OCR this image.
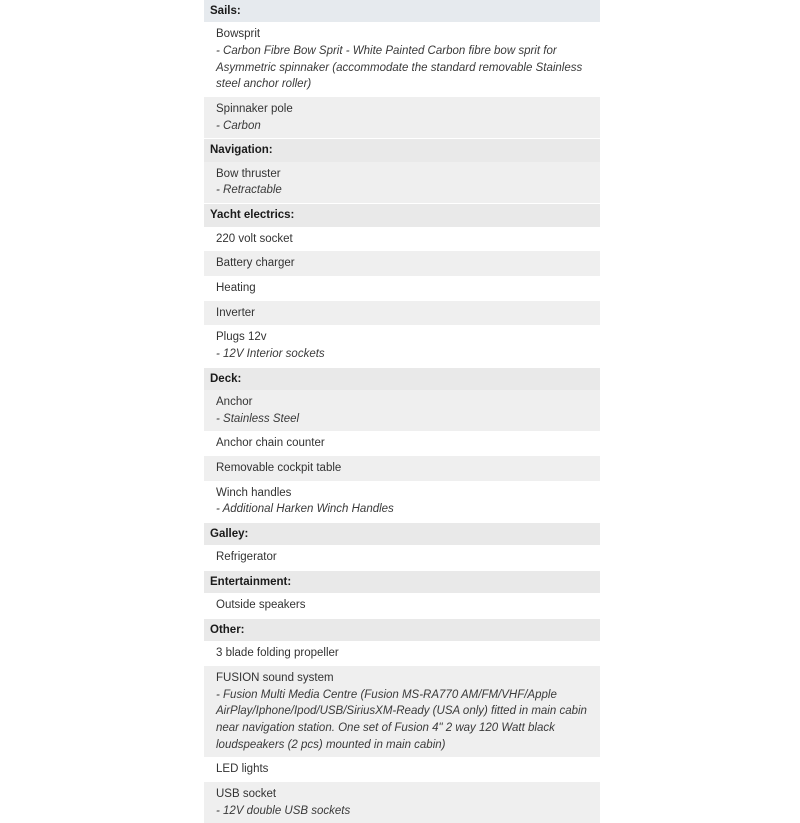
Sails:
Bowsprit
- Carbon Fibre Bow Sprit - White Painted Carbon fibre bow sprit for Asymmetric spinnaker (accommodate the standard removable Stainless steel anchor roller)
Spinnaker pole
- Carbon
Navigation:
Bow thruster
- Retractable
Yacht electrics:
220 volt socket
Battery charger
Heating
Inverter
Plugs 12v
- 12V Interior sockets
Deck:
Anchor
- Stainless Steel
Anchor chain counter
Removable cockpit table
Winch handles
- Additional Harken Winch Handles
Galley:
Refrigerator
Entertainment:
Outside speakers
Other:
3 blade folding propeller
FUSION sound system
- Fusion Multi Media Centre (Fusion MS-RA770 AM/FM/VHF/Apple AirPlay/Iphone/Ipod/USB/SiriusXM-Ready (USA only) fitted in main cabin near navigation station. One set of Fusion 4" 2 way 120 Watt black loudspeakers (2 pcs) mounted in main cabin)
LED lights
USB socket
- 12V double USB sockets
